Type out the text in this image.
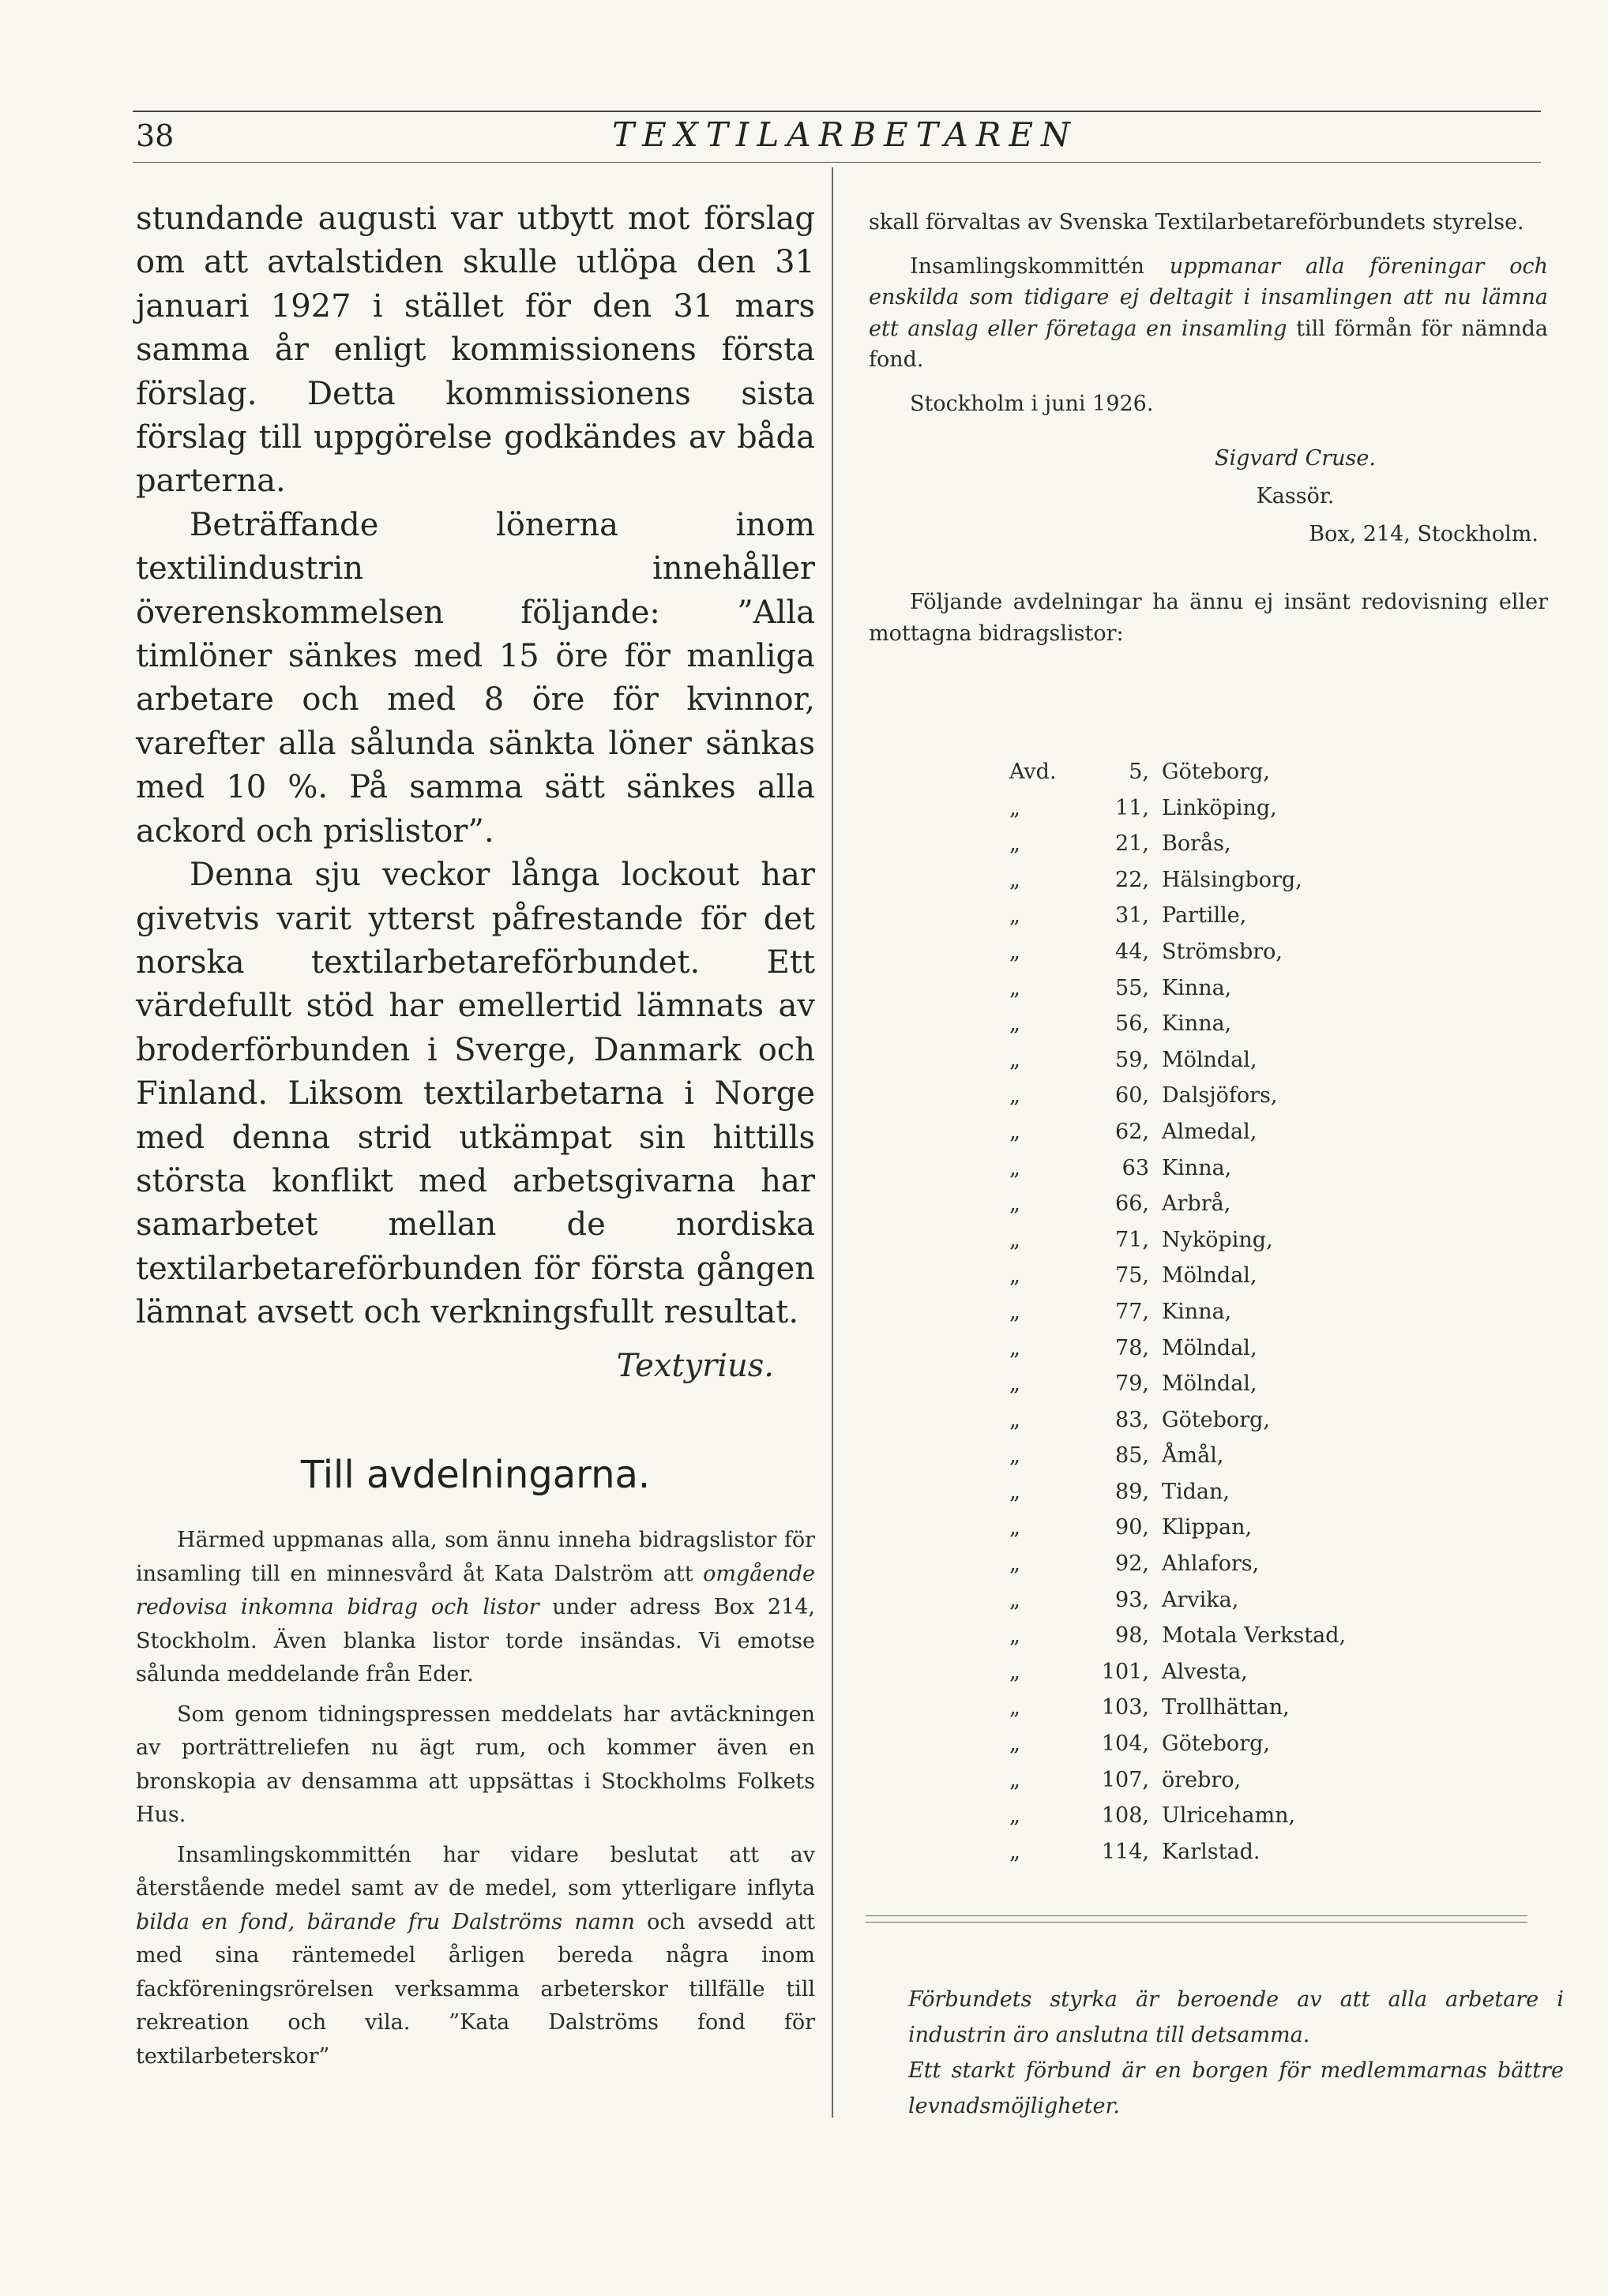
38	TEXTILARBETAREN

stundande augusti var utbytt mot förslag om att avtalstiden skulle utlöpa den 31 januari 1927 i stället för den 31 mars samma år enligt kommissionens första förslag. Detta kommissionens sista förslag till uppgörelse godkändes av båda parterna.

Beträffande lönerna inom textilindustrin innehåller överenskommelsen följande: ”Alla timlöner sänkes med 15 öre för manliga arbetare och med 8 öre för kvinnor, varefter alla sålunda sänkta löner sänkas med 10 %. På samma sätt sänkes alla ackord och prislistor”.

Denna sju veckor långa lockout har givetvis varit ytterst påfrestande för det norska textilarbetareförbundet. Ett värdefullt stöd har emellertid lämnats av broderförbunden i Sverge, Danmark och Finland. Liksom textilarbetarna i Norge med denna strid utkämpat sin hittills största konflikt med arbetsgivarna har samarbetet mellan de nordiska textilarbetareförbunden för första gången lämnat avsett och verkningsfullt resultat.

Textyrius.

Till avdelningarna.

Härmed uppmanas alla, som ännu inneha bidragslistor för insamling till en minnesvård åt Kata Dalström att omgående redovisa inkomna bidrag och listor under adress Box 214, Stockholm. Även blanka listor torde insändas. Vi emotse sålunda meddelande från Eder.

Som genom tidningspressen meddelats har avtäckningen av porträttreliefen nu ägt rum, och kommer även en bronskopia av densamma att uppsättas i Stockholms Folkets Hus.

Insamlingskommittén har vidare beslutat att av återstående medel samt av de medel, som ytterligare inflyta bilda en fond, bärande fru Dalströms namn och avsedd att med sina räntemedel årligen bereda några inom fackföreningsrörelsen verksamma arbeterskor tillfälle till rekreation och vila. ”Kata Dalströms fond för textilarbeterskor”

skall förvaltas av Svenska Textilarbetareförbundets styrelse.

Insamlingskommittén uppmanar alla föreningar och enskilda som tidigare ej deltagit i insamlingen att nu lämna ett anslag eller företaga en insamling till förmån för nämnda fond.

Stockholm i juni 1926.

Sigvard Cruse.

Kassör.

Box, 214, Stockholm.

Följande avdelningar ha ännu ej insänt redovisning eller mottagna bidragslistor:

Avd.	5, Göteborg,
„	11, Linköping,
„	21, Borås,
„	22, Hälsingborg,
„	31, Partille,
„	44, Strömsbro,
„	55, Kinna,
„	56, Kinna,
„	59, Mölndal,
„	60, Dalsjöfors,
„	62, Almedal,
„	63 Kinna,
„	66, Arbrå,
„	71, Nyköping,
„	75, Mölndal,
„	77, Kinna,
„	78, Mölndal,
„	79, Mölndal,
„	83, Göteborg,
„	85, Åmål,
„	89, Tidan,
„	90, Klippan,
„	92, Ahlafors,
„	93, Arvika,
„	98, Motala Verkstad,
„	101, Alvesta,
„	103, Trollhättan,
„	104, Göteborg,
„	107, örebro,
„	108, Ulricehamn,
„	114, Karlstad.

Förbundets styrka är beroende av att alla arbetare i industrin äro anslutna till detsamma.

Ett starkt förbund är en borgen för medlemmarnas bättre levnadsmöjligheter.
